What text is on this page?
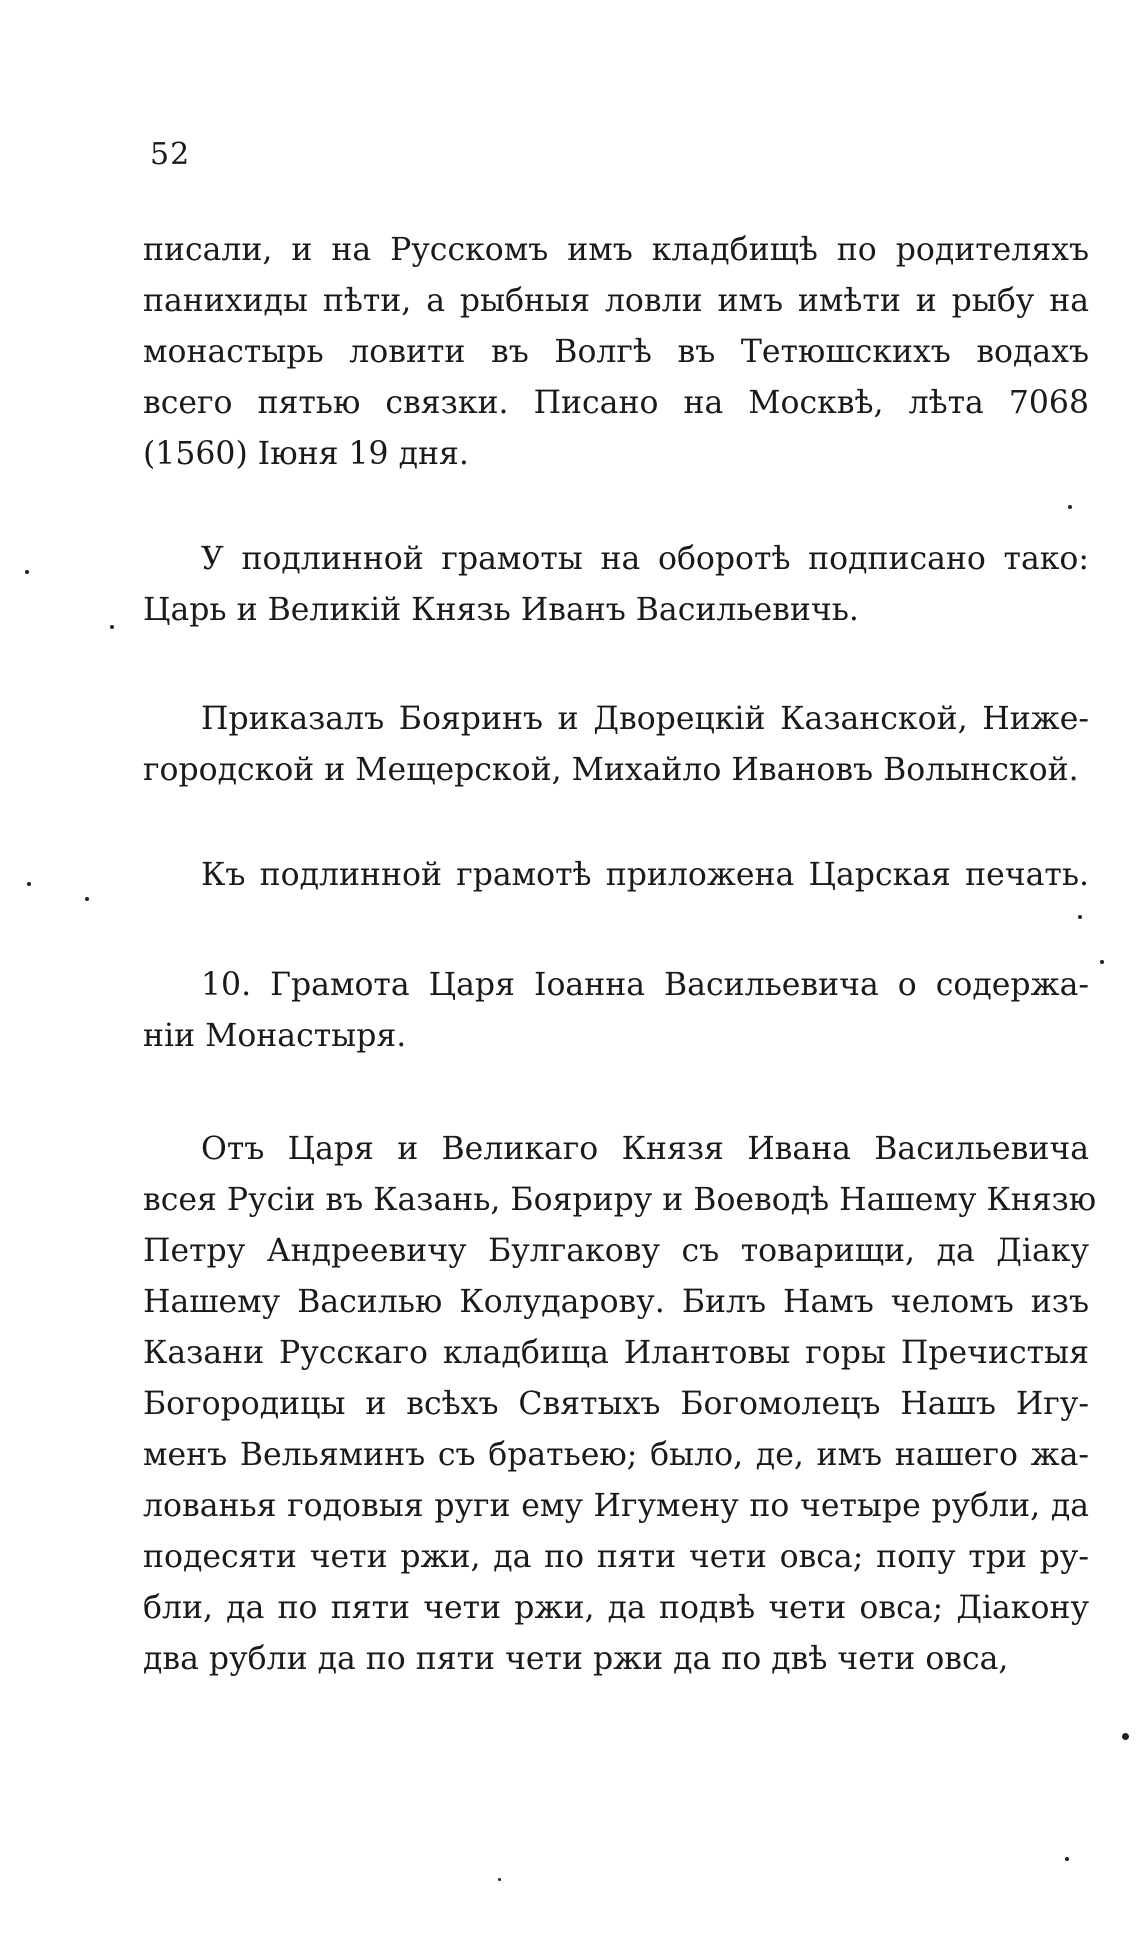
52
писали, и на Русскомъ имъ кладбищѣ по родителяхъ
панихиды пѣти, а рыбныя ловли имъ имѣти и рыбу на
монастырь ловити въ Волгѣ въ Тетюшскихъ водахъ
всего пятью связки. Писано на Москвѣ, лѣта 7068
(1560) Іюня 19 дня.
У подлинной грамоты на оборотѣ подписано тако:
Царь и Великій Князь Иванъ Васильевичь.
Приказалъ Бояринъ и Дворецкій Казанской, Ниже-
городской и Мещерской, Михайло Ивановъ Волынской.
Къ подлинной грамотѣ приложена Царская печать.
10. Грамота Царя Іоанна Васильевича о содержа-
ніи Монастыря.
Отъ Царя и Великаго Князя Ивана Васильевича
всея Русіи въ Казань, Бояриру и Воеводѣ Нашему Князю
Петру Андреевичу Булгакову съ товарищи, да Діаку
Нашему Василью Колударову. Билъ Намъ челомъ изъ
Казани Русскаго кладбища Илантовы горы Пречистыя
Богородицы и всѣхъ Святыхъ Богомолецъ Нашъ Игу-
менъ Вельяминъ съ братьею; было, де, имъ нашего жа-
лованья годовыя руги ему Игумену по четыре рубли, да
подесяти чети ржи, да по пяти чети овса; попу три ру-
бли, да по пяти чети ржи, да подвѣ чети овса; Діакону
два рубли да по пяти чети ржи да по двѣ чети овса,
